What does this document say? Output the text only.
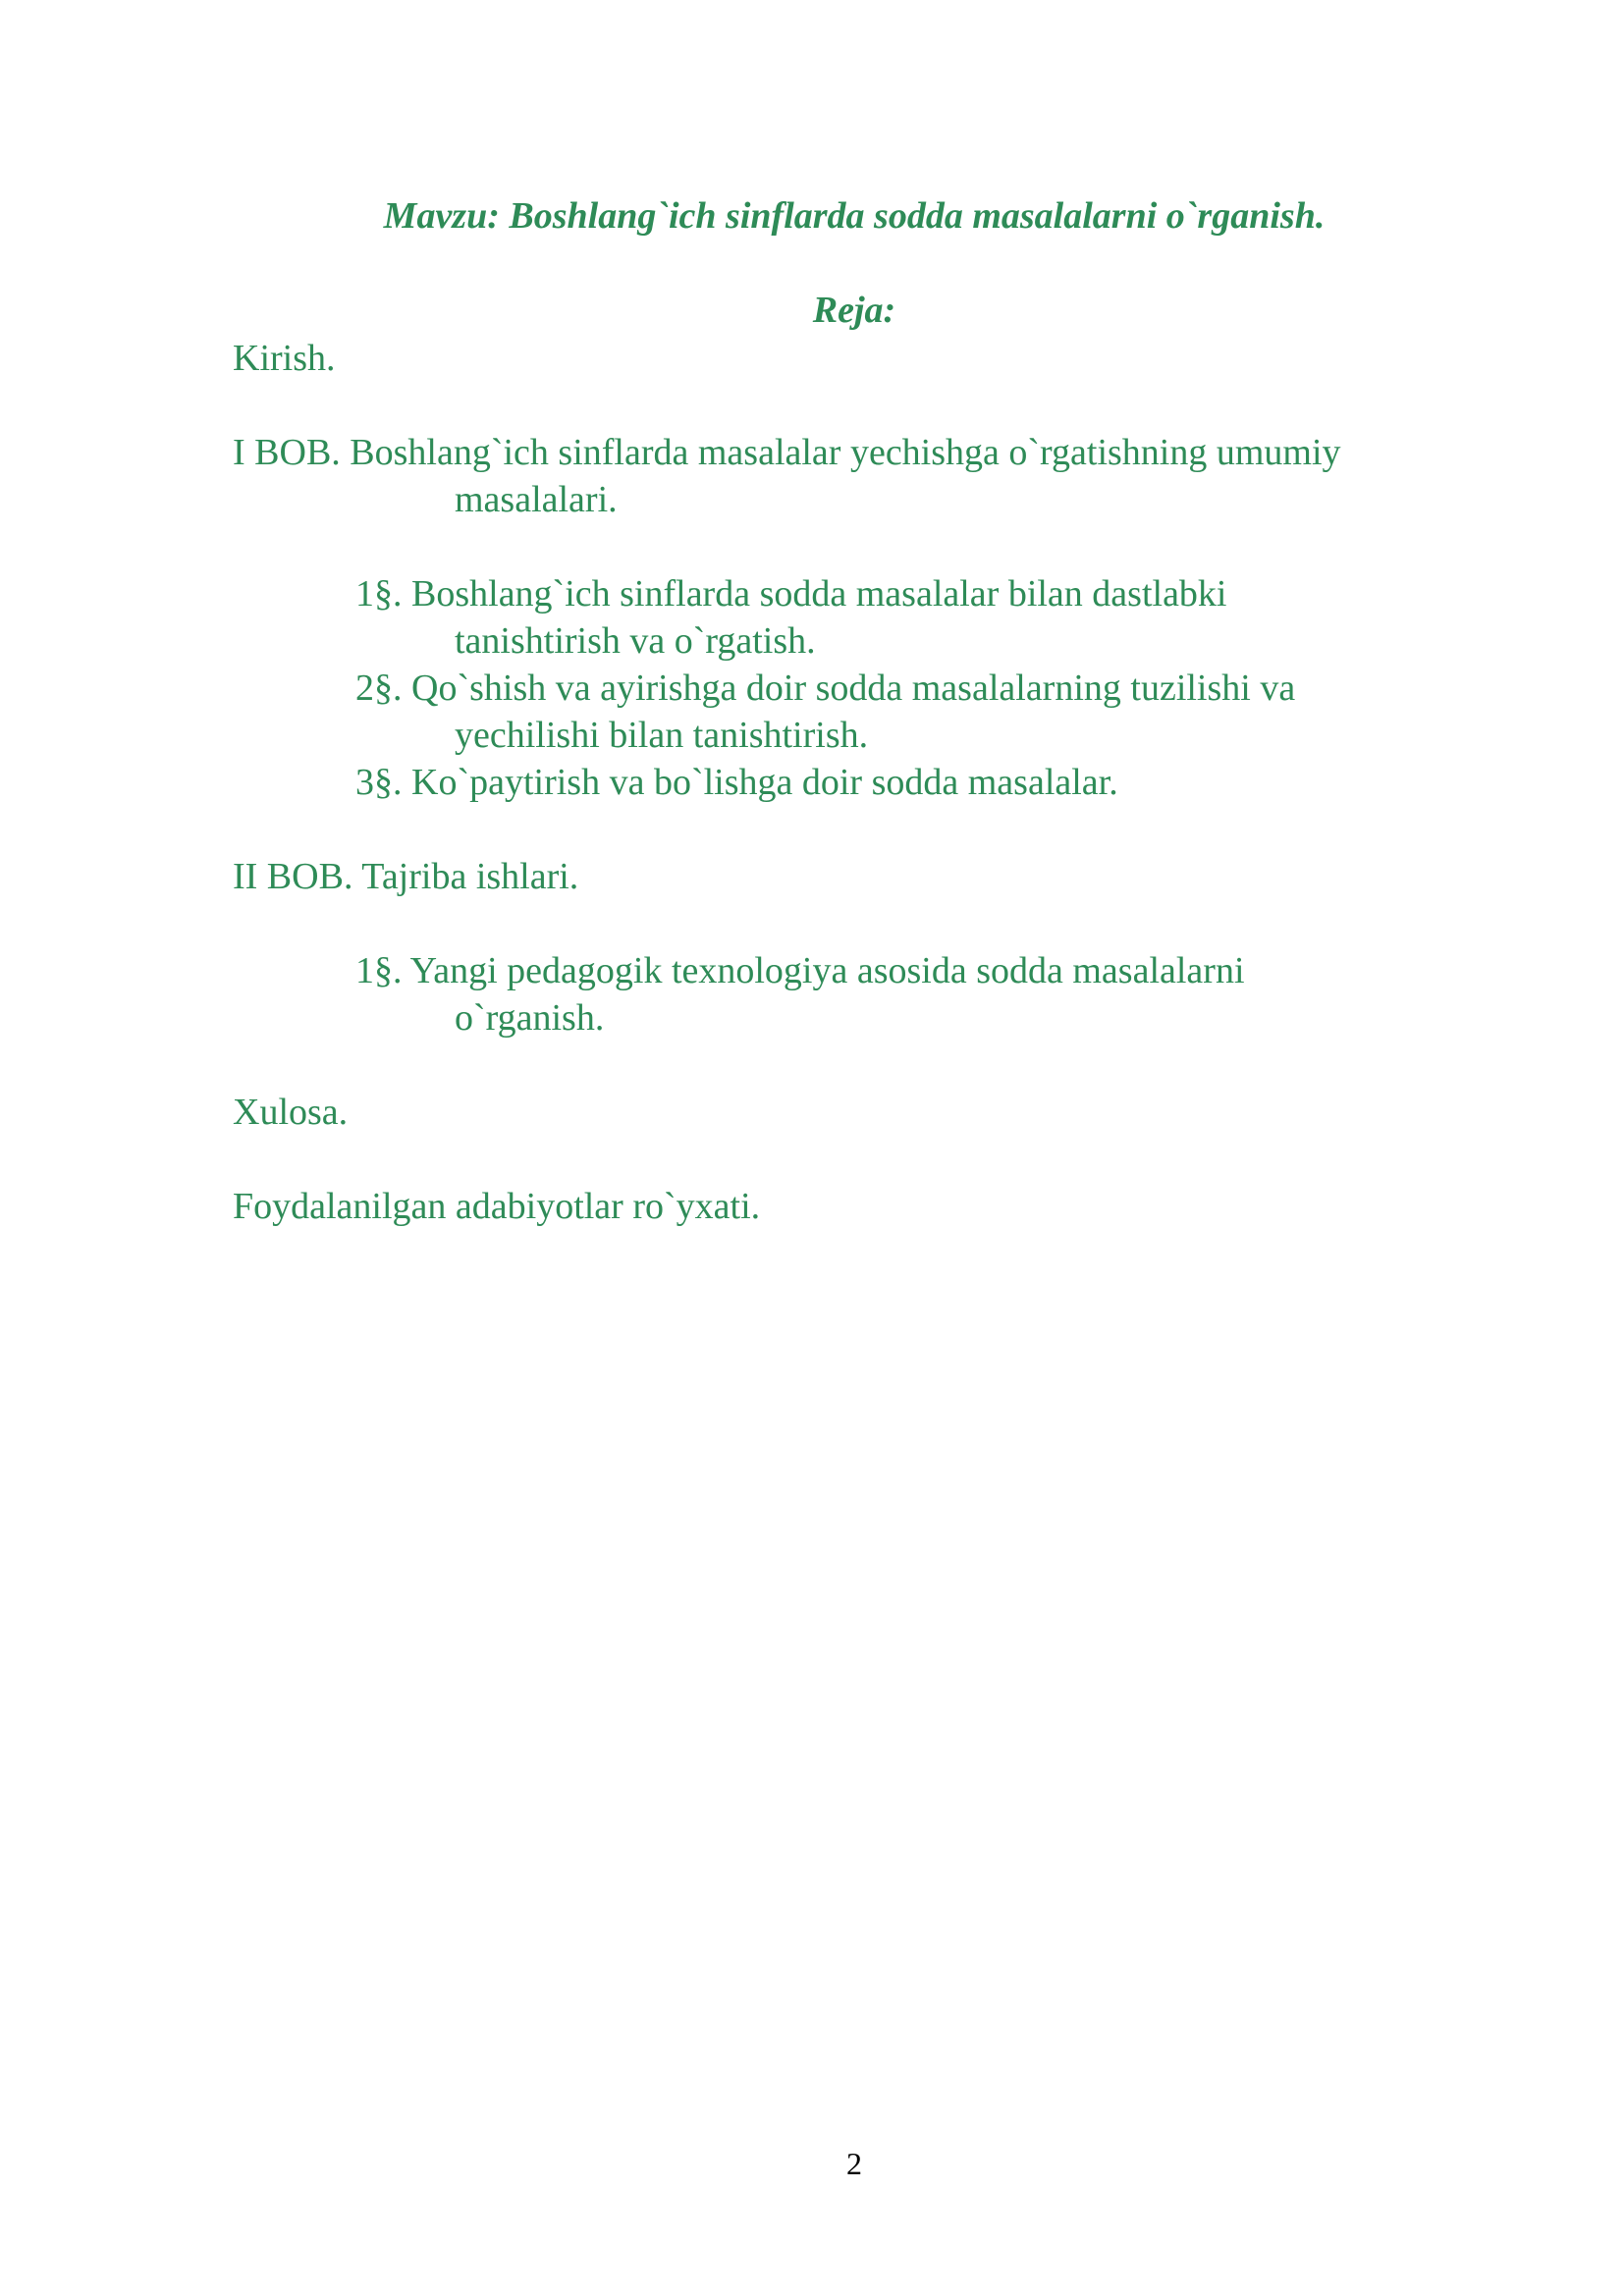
Mavzu: Boshlang`ich sinflarda sodda masalalarni o`rganish.
Reja:
Kirish.
I BOB. Boshlang`ich sinflarda masalalar yechishga o`rgatishning umumiy
masalalari.
1§. Boshlang`ich sinflarda sodda masalalar bilan dastlabki
tanishtirish va o`rgatish.
2§. Qo`shish va ayirishga doir sodda masalalarning tuzilishi va
yechilishi bilan tanishtirish.
3§. Ko`paytirish va bo`lishga doir sodda masalalar.
II BOB. Tajriba ishlari.
1§. Yangi pedagogik texnologiya asosida sodda masalalarni
o`rganish.
Xulosa.
Foydalanilgan adabiyotlar ro`yxati.
2
